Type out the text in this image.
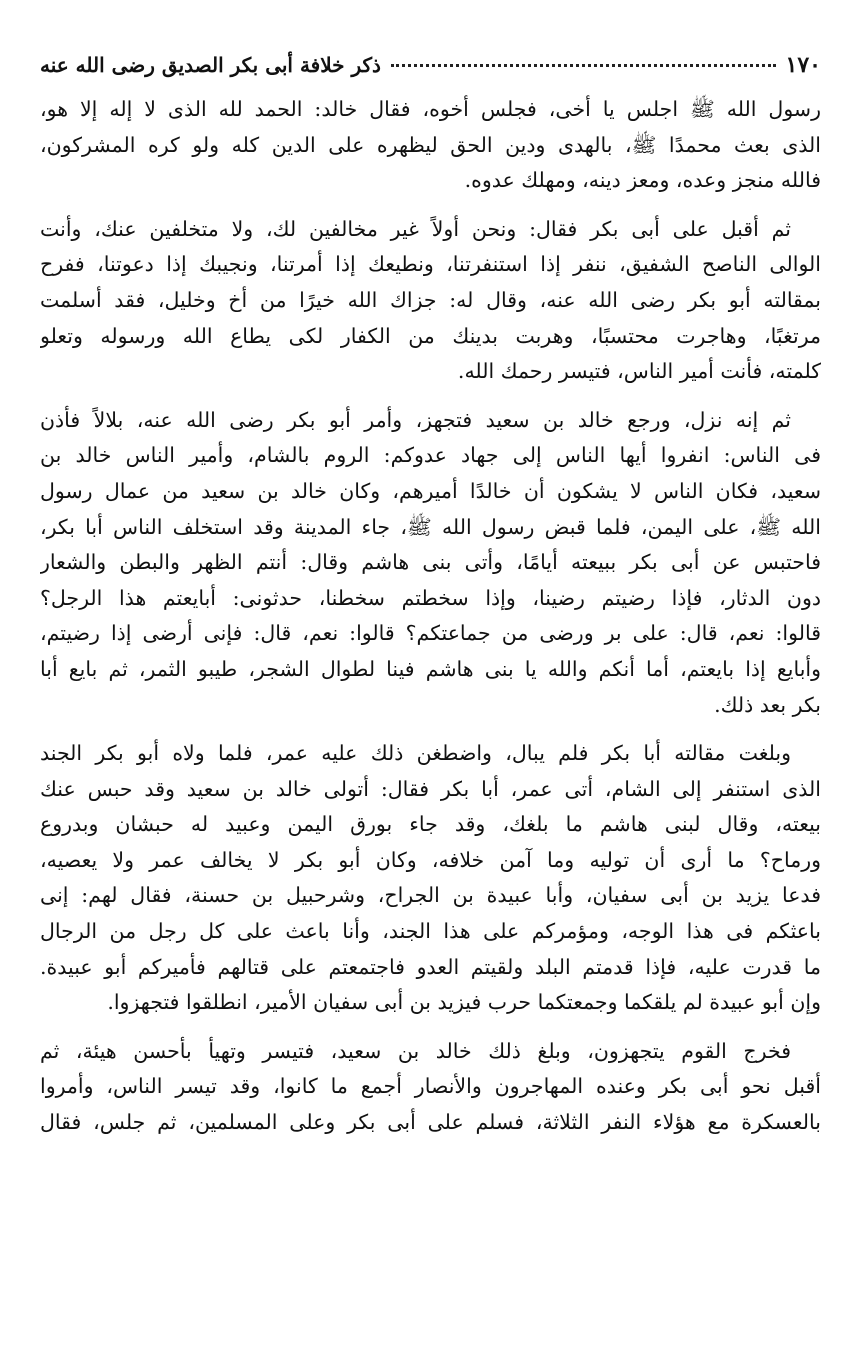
١٧٠
ذكر خلافة أبى بكر الصديق رضى الله عنه
رسول الله ﷺ اجلس يا أخى، فجلس أخوه، فقال خالد: الحمد لله الذى لا إله إلا هو،
الذى بعث محمدًا ﷺ، بالهدى ودين الحق ليظهره على الدين كله ولو كره المشركون،
فالله منجز وعده، ومعز دينه، ومهلك عدوه.
ثم أقبل على أبى بكر فقال: ونحن أولاً غير مخالفين لك، ولا متخلفين عنك، وأنت
الوالى الناصح الشفيق، ننفر إذا استنفرتنا، ونطيعك إذا أمرتنا، ونجيبك إذا دعوتنا، ففرح
بمقالته أبو بكر رضى الله عنه، وقال له: جزاك الله خيرًا من أخ وخليل، فقد أسلمت
مرتغبًا، وهاجرت محتسبًا، وهربت بدينك من الكفار لكى يطاع الله ورسوله وتعلو
كلمته، فأنت أمير الناس، فتيسر رحمك الله.
ثم إنه نزل، ورجع خالد بن سعيد فتجهز، وأمر أبو بكر رضى الله عنه، بلالاً فأذن
فى الناس: انفروا أيها الناس إلى جهاد عدوكم: الروم بالشام، وأمير الناس خالد بن
سعيد، فكان الناس لا يشكون أن خالدًا أميرهم، وكان خالد بن سعيد من عمال رسول
الله ﷺ، على اليمن، فلما قبض رسول الله ﷺ، جاء المدينة وقد استخلف الناس أبا بكر،
فاحتبس عن أبى بكر ببيعته أيامًا، وأتى بنى هاشم وقال: أنتم الظهر والبطن والشعار
دون الدثار، فإذا رضيتم رضينا، وإذا سخطتم سخطنا، حدثونى: أبايعتم هذا الرجل؟
قالوا: نعم، قال: على بر ورضى من جماعتكم؟ قالوا: نعم، قال: فإنى أرضى إذا رضيتم،
وأبايع إذا بايعتم، أما أنكم والله يا بنى هاشم فينا لطوال الشجر، طيبو الثمر، ثم بايع أبا
بكر بعد ذلك.
وبلغت مقالته أبا بكر فلم يبال، واضطغن ذلك عليه عمر، فلما ولاه أبو بكر الجند
الذى استنفر إلى الشام، أتى عمر، أبا بكر فقال: أتولى خالد بن سعيد وقد حبس عنك
بيعته، وقال لبنى هاشم ما بلغك، وقد جاء بورق اليمن وعبيد له حبشان وبدروع
ورماح؟ ما أرى أن توليه وما آمن خلافه، وكان أبو بكر لا يخالف عمر ولا يعصيه،
فدعا يزيد بن أبى سفيان، وأبا عبيدة بن الجراح، وشرحبيل بن حسنة، فقال لهم: إنى
باعثكم فى هذا الوجه، ومؤمركم على هذا الجند، وأنا باعث على كل رجل من الرجال
ما قدرت عليه، فإذا قدمتم البلد ولقيتم العدو فاجتمعتم على قتالهم فأميركم أبو عبيدة.
وإن أبو عبيدة لم يلقكما وجمعتكما حرب فيزيد بن أبى سفيان الأمير، انطلقوا فتجهزوا.
فخرج القوم يتجهزون، وبلغ ذلك خالد بن سعيد، فتيسر وتهيأ بأحسن هيئة، ثم
أقبل نحو أبى بكر وعنده المهاجرون والأنصار أجمع ما كانوا، وقد تيسر الناس، وأمروا
بالعسكرة مع هؤلاء النفر الثلاثة، فسلم على أبى بكر وعلى المسلمين، ثم جلس، فقال
